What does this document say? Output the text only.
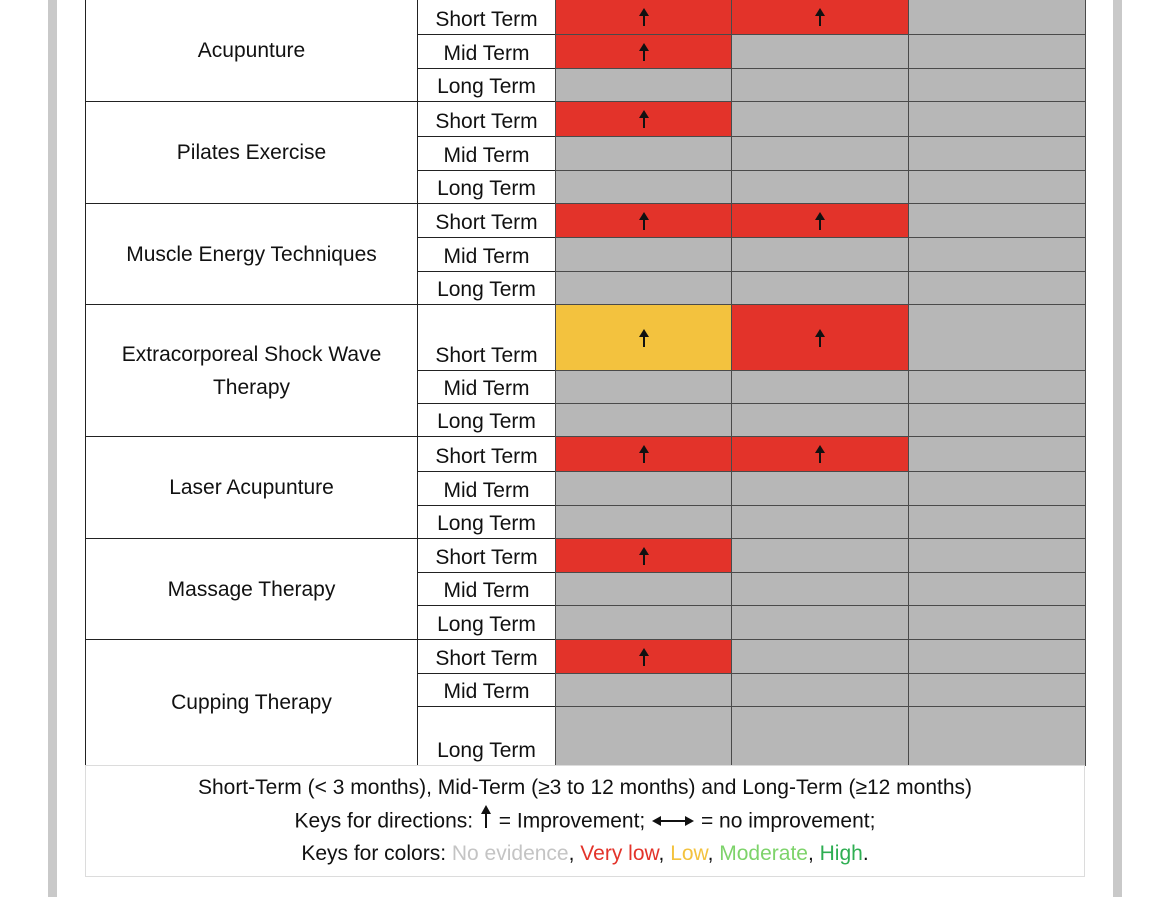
Acupunture
Short Term
Mid Term
Long Term
Pilates Exercise
Short Term
Mid Term
Long Term
Muscle Energy Techniques
Short Term
Mid Term
Long Term
Extracorporeal Shock Wave Therapy
Short Term
Mid Term
Long Term
Laser Acupunture
Short Term
Mid Term
Long Term
Massage Therapy
Short Term
Mid Term
Long Term
Cupping Therapy
Short Term
Mid Term
Long Term
Short-Term (< 3 months), Mid-Term (≥3 to 12 months) and Long-Term (≥12 months)
Keys for directions: = Improvement;	= no improvement;
Keys for colors: No evidence, Very low, Low, Moderate, High.
